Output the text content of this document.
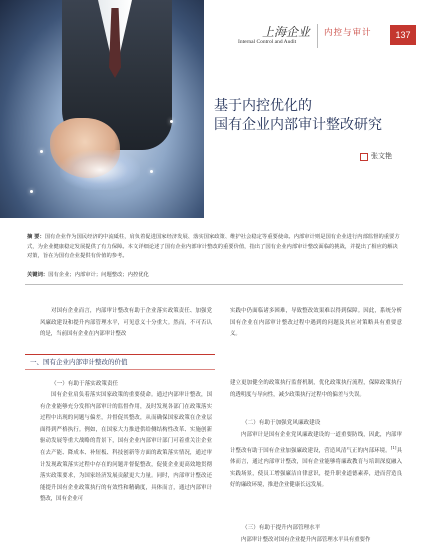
上海企业
Internal Control and Audit
内控与审计	137
基于内控优化的
国有企业内部审计整改研究
张文艳
摘 要：国有企业作为国民经济的中流砥柱，肩负着促进国家经济发展、落实国家政策、维护社会稳定等重要使命。内部审计则是国有企业进行内部监督的重要方式，为企业健康稳定发展提供了有力保障。本文详细论述了国有企业内部审计整改的重要价值，指出了国有企业内部审计整改面临的挑战，并提出了相应的解决对策，旨在为国有企业提供有价值的参考。
关键词：国有企业；内部审计；问题整改；内控优化
对国有企业而言，内部审计整改有助于企业落实政策责任、加强党风廉政建设和提升内部管理水平，可见意义十分重大。然而，不可否认的是，当前国有企业在内部审计整改
实践中仍面临诸多困难，导致整改效果难以得到保障。因此，系统分析国有企业在内部审计整改过程中遇到的问题及其应对策略具有重要意义。
一、国有企业内部审计整改的价值
（一）有助于落实政策责任
国有企业肩负着落实国家政策的重要使命。通过内部审计整改，国有企业能够充分发挥内部审计的监督作用，及时发现各部门在政策落实过程中出现的问题与偏差，并督促其整改，从而确保国家政策在企业层面得到严格执行。例如，在国家大力推进供给侧结构性改革、实施创新驱动发展等重大战略的背景下，国有企业内部审计部门可着重关注企业在去产能、降成本、补短板、科技创新等方面的政策落实情况，通过审计发现政策落实过程中存在的问题并督促整改，促使企业更高效地贯彻落实政策要求，为国家经济发展贡献更大力量。同时，内部审计整改还能提升国有企业政策执行的有效性和精确度，具体而言，通过内部审计整改，国有企业可
建立更加健全的政策执行监督机制，优化政策执行流程，保障政策执行的透明度与导向性，减少政策执行过程中的偏差与失误。
（二）有助于加强党风廉政建设
内部审计是国有企业党风廉政建设的一道重要防线，因此，内部审计整改有助于国有企业加强廉政建设，营造风清气正的内部环境。[1]具体而言，通过内部审计整改，国有企业能够将廉政教育与培训深度融入实践场景，使员工增强廉洁自律意识，提升职业道德素养，进而营造良好的廉政环境，推进企业健康长远发展。
（三）有助于提升内部管理水平
内部审计整改对国有企业提升内部管理水平具有重要作
